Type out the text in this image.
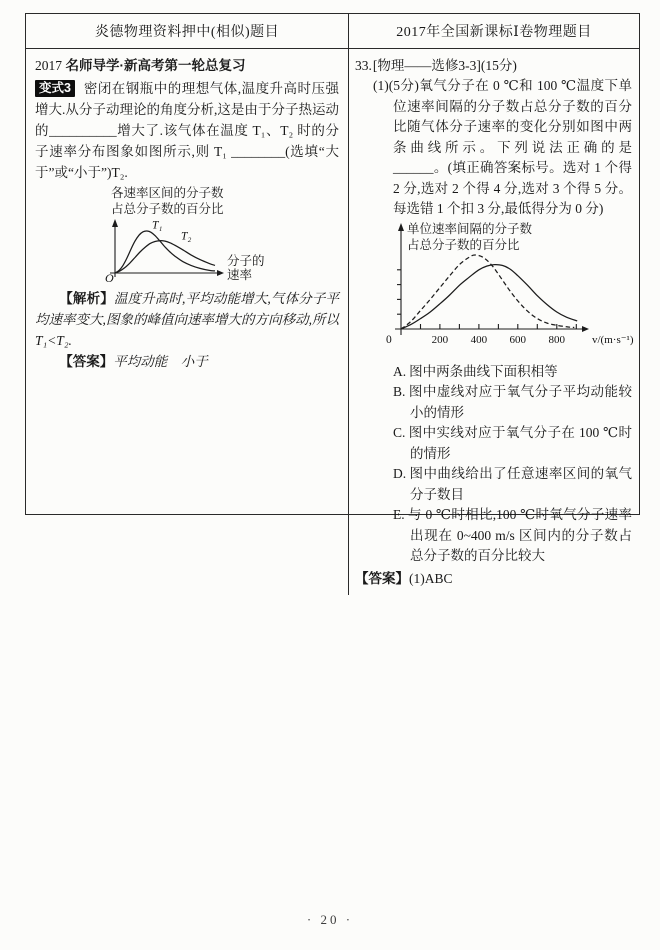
炎德物理资料押中(相似)题目	2017年全国新课标Ⅰ卷物理题目
2017 名师导学·新高考第一轮总复习

变式3 密闭在钢瓶中的理想气体,温度升高时压强增大.从分子动理论的角度分析,这是由于分子热运动的__________增大了.该气体在温度 T₁、T₂ 时的分子速率分布图象如图所示,则 T₁ ________(选填“大于”或“小于”)T₂.

各速率区间的分子数
占总分子数的百分比
O
分子的
速率
T₁
T₂

【解析】温度升高时,平均动能增大,气体分子平均速率变大,图象的峰值向速率增大的方向移动,所以 T₁<T₂.

【答案】平均动能　小于

33.[物理——选修3-3](15分)

(1)(5分)氧气分子在 0 ℃和 100 ℃温度下单位速率间隔的分子数占总分子数的百分比随气体分子速率的变化分别如图中两条曲线所示。下列说法正确的是______。(填正确答案标号。选对 1 个得 2 分,选对 2 个得 4 分,选对 3 个得 5 分。每选错 1 个扣 3 分,最低得分为 0 分)

单位速率间隔的分子数
占总分子数的百分比
0	v/(m·s⁻¹)
200 400 600 800
A. 图中两条曲线下面积相等
B. 图中虚线对应于氧气分子平均动能较小的情形
C. 图中实线对应于氧气分子在 100 ℃时的情形
D. 图中曲线给出了任意速率区间的氧气分子数目
E. 与 0 ℃时相比,100 ℃时氧气分子速率出现在 0~400 m/s 区间内的分子数占总分子数的百分比较大

【答案】(1)ABC

· 20 ·
